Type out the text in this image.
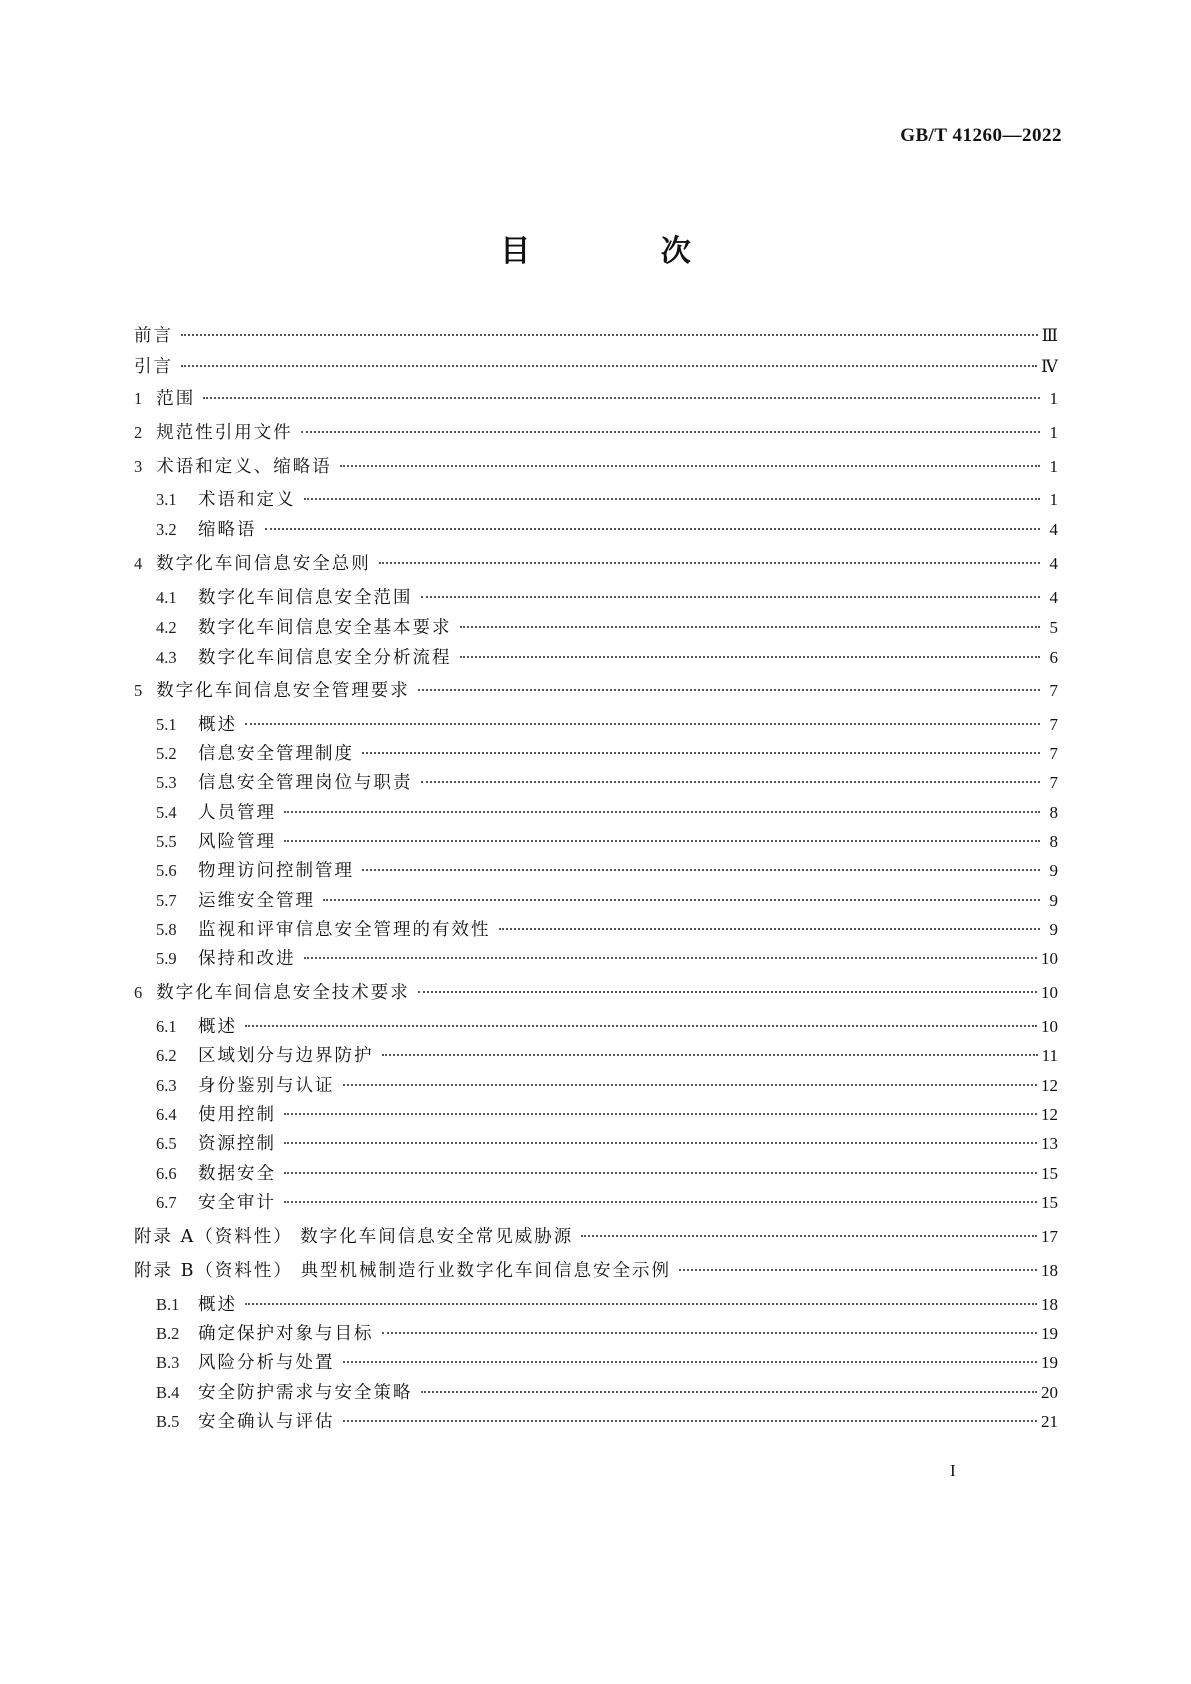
GB/T 41260—2022
目 次
前言	Ⅲ
引言	Ⅳ
1 范围	1
2 规范性引用文件	1
3 术语和定义、缩略语	1
3.1	术语和定义	1
3.2	缩略语	4
4 数字化车间信息安全总则	4
4.1	数字化车间信息安全范围	4
4.2	数字化车间信息安全基本要求	5
4.3	数字化车间信息安全分析流程	6
5 数字化车间信息安全管理要求	7
5.1	概述	7
5.2	信息安全管理制度	7
5.3	信息安全管理岗位与职责	7
5.4	人员管理	8
5.5	风险管理	8
5.6	物理访问控制管理	9
5.7	运维安全管理	9
5.8	监视和评审信息安全管理的有效性	9
5.9	保持和改进	10
6 数字化车间信息安全技术要求	10
6.1	概述	10
6.2	区域划分与边界防护	11
6.3	身份鉴别与认证	12
6.4	使用控制	12
6.5	资源控制	13
6.6	数据安全	15
6.7	安全审计	15
附录 A（资料性） 数字化车间信息安全常见威胁源	17
附录 B（资料性） 典型机械制造行业数字化车间信息安全示例	18
B.1	概述	18
B.2	确定保护对象与目标	19
B.3	风险分析与处置	19
B.4	安全防护需求与安全策略	20
B.5	安全确认与评估	21
I
